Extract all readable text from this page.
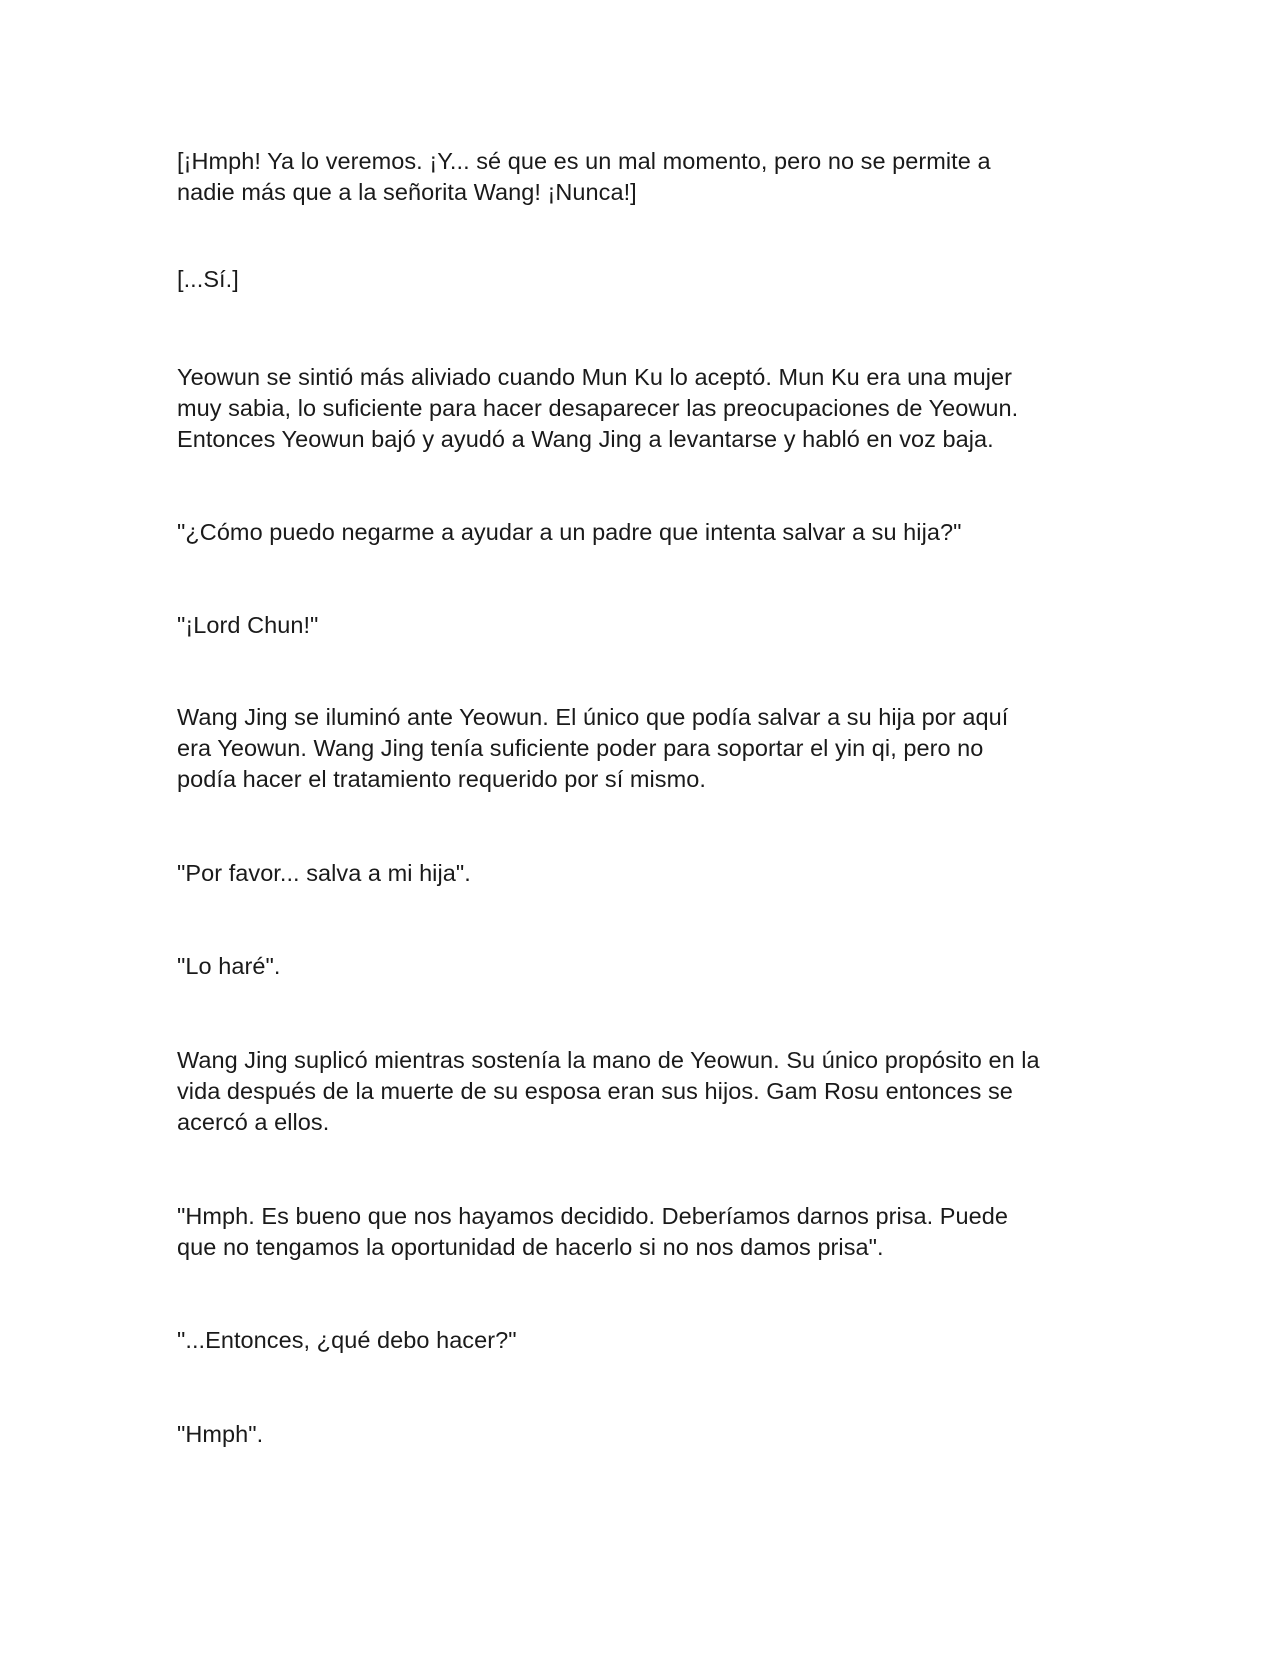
[¡Hmph! Ya lo veremos. ¡Y... sé que es un mal momento, pero no se permite a
nadie más que a la señorita Wang! ¡Nunca!]

[...Sí.]

Yeowun se sintió más aliviado cuando Mun Ku lo aceptó. Mun Ku era una mujer
muy sabia, lo suficiente para hacer desaparecer las preocupaciones de Yeowun.
Entonces Yeowun bajó y ayudó a Wang Jing a levantarse y habló en voz baja.

"¿Cómo puedo negarme a ayudar a un padre que intenta salvar a su hija?"

"¡Lord Chun!"

Wang Jing se iluminó ante Yeowun. El único que podía salvar a su hija por aquí
era Yeowun. Wang Jing tenía suficiente poder para soportar el yin qi, pero no
podía hacer el tratamiento requerido por sí mismo.

"Por favor... salva a mi hija".

"Lo haré".

Wang Jing suplicó mientras sostenía la mano de Yeowun. Su único propósito en la
vida después de la muerte de su esposa eran sus hijos. Gam Rosu entonces se
acercó a ellos.

"Hmph. Es bueno que nos hayamos decidido. Deberíamos darnos prisa. Puede
que no tengamos la oportunidad de hacerlo si no nos damos prisa".

"...Entonces, ¿qué debo hacer?"

"Hmph".
